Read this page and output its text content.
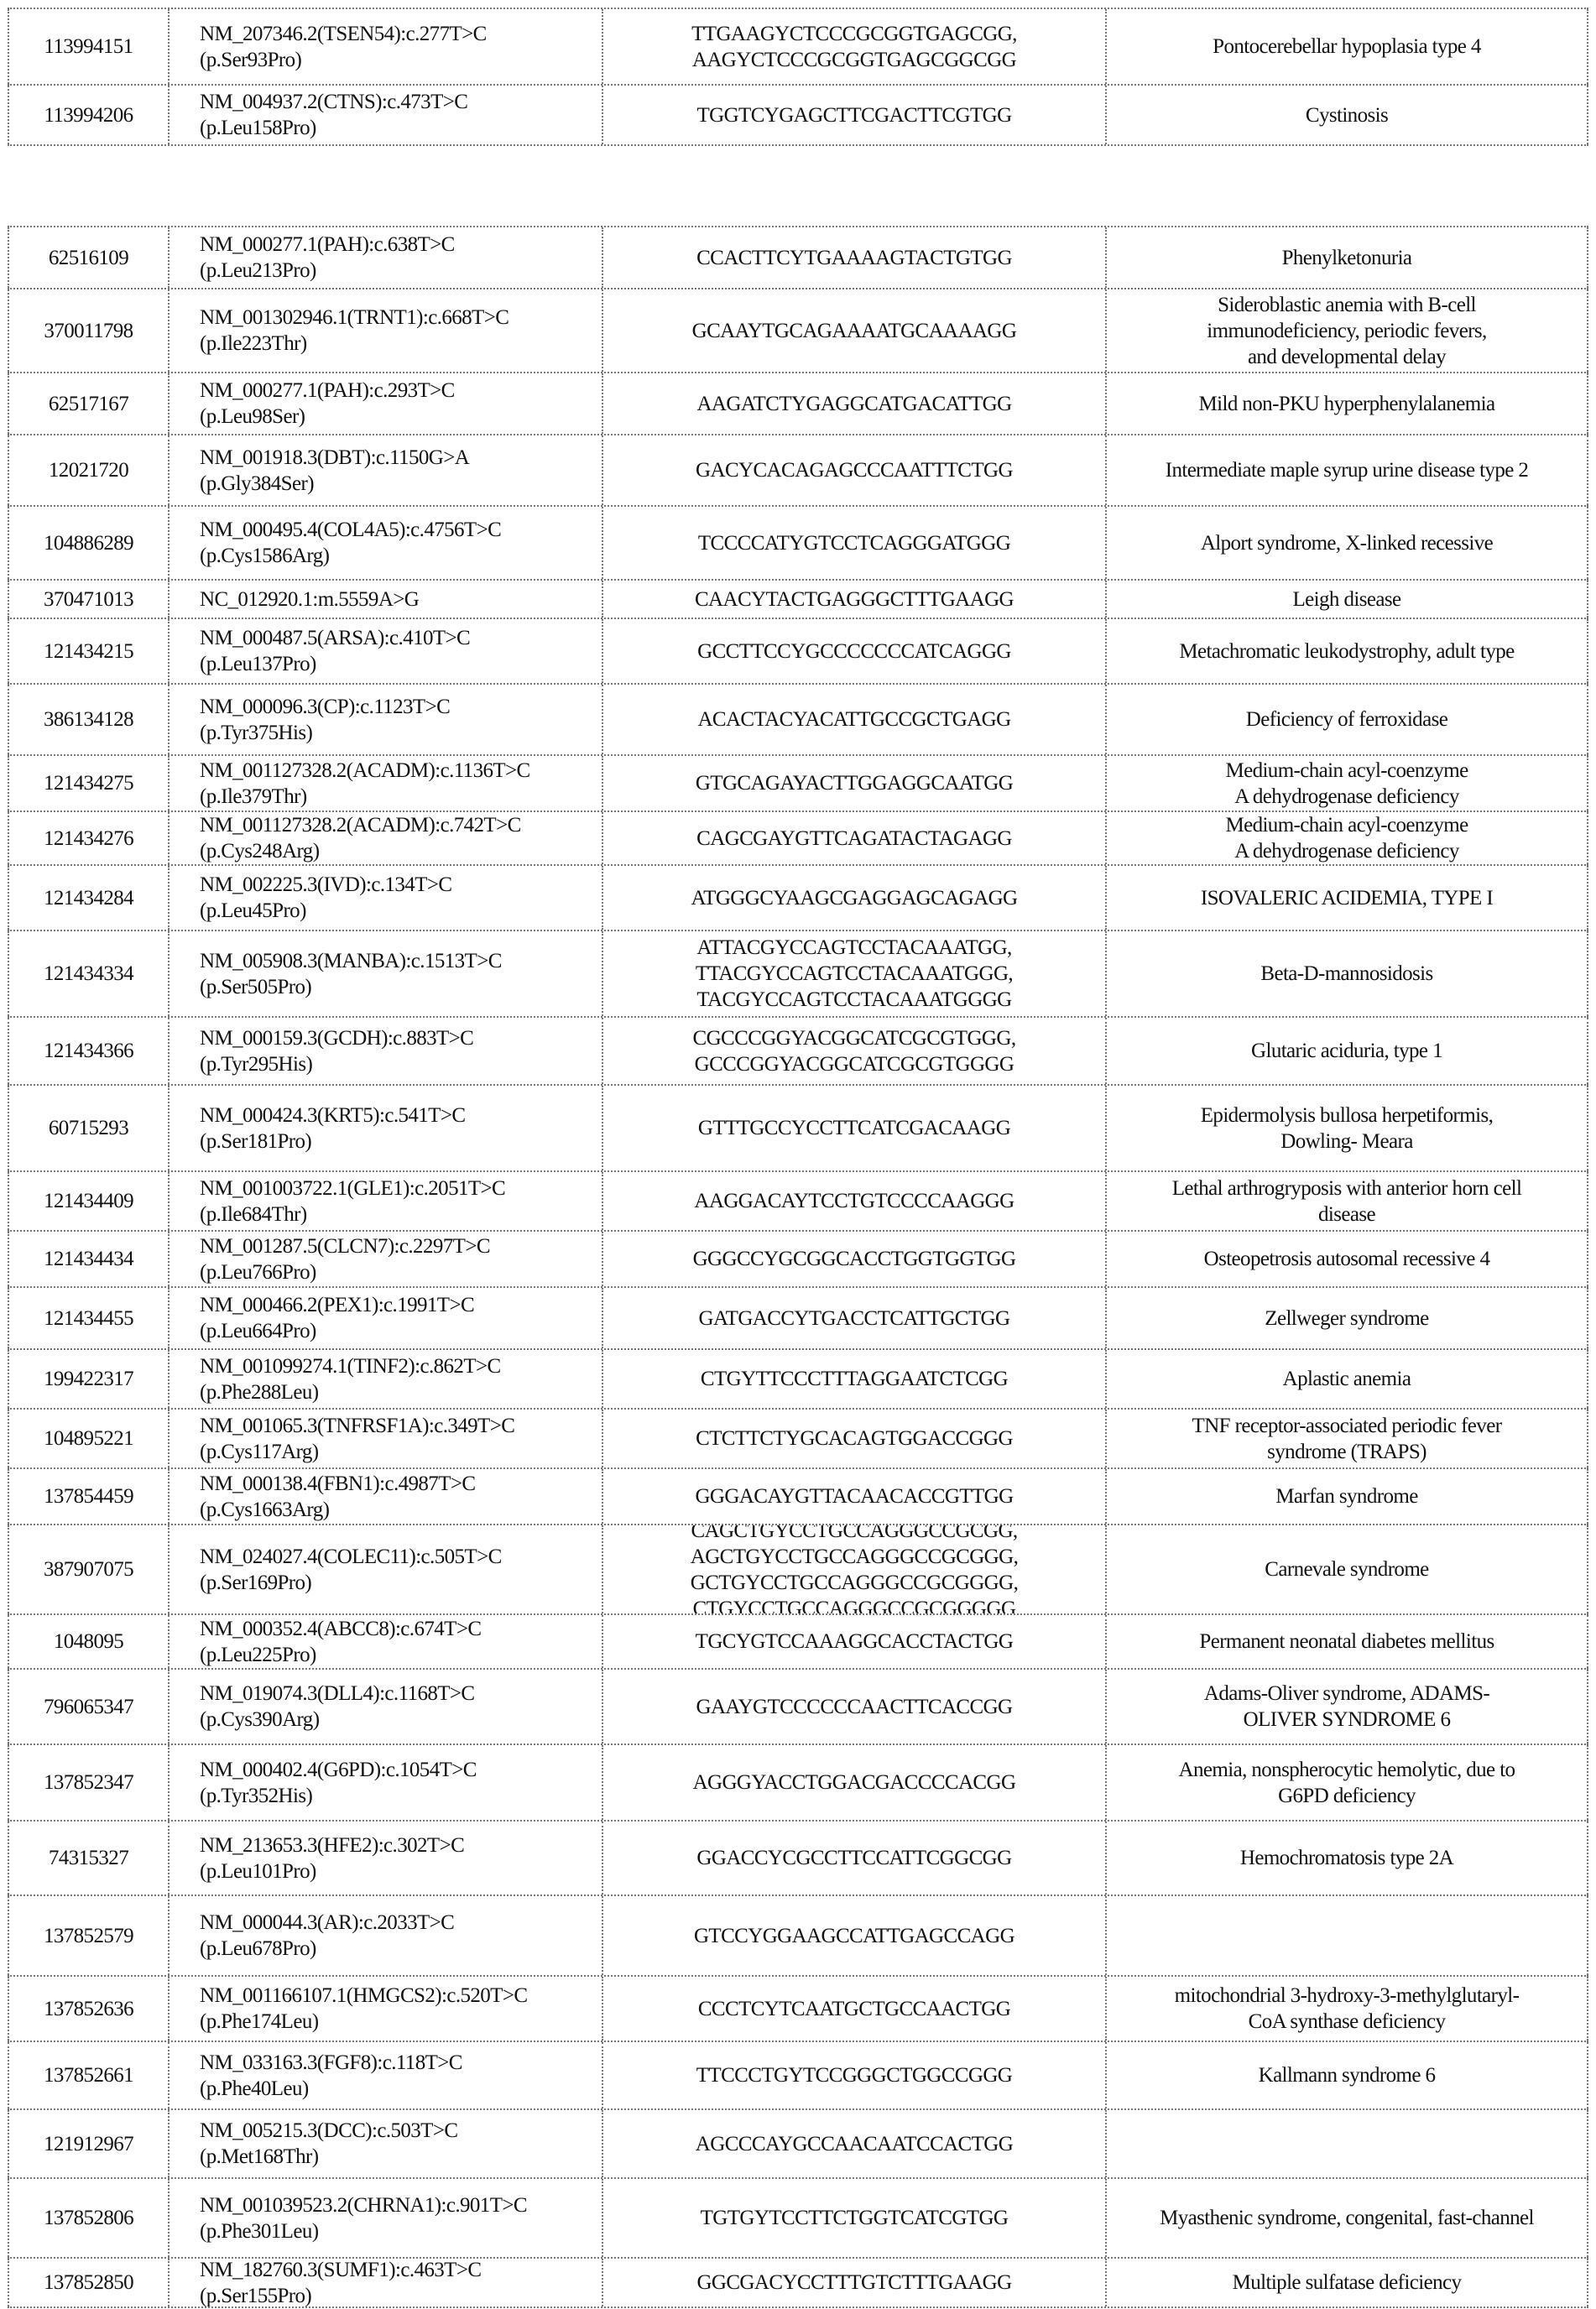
113994151
NM_207346.2(TSEN54):c.277T>C
(p.Ser93Pro)
TTGAAGYCTCCCGCGGTGAGCGG,
AAGYCTCCCGCGGTGAGCGGCGG
Pontocerebellar hypoplasia type 4
113994206
NM_004937.2(CTNS):c.473T>C
(p.Leu158Pro)
TGGTCYGAGCTTCGACTTCGTGG	Cystinosis
62516109
NM_000277.1(PAH):c.638T>C
(p.Leu213Pro)
CCACTTCYTGAAAAGTACTGTGG	Phenylketonuria
370011798
NM_001302946.1(TRNT1):c.668T>C
(p.Ile223Thr)
GCAAYTGCAGAAAATGCAAAAGG
Sideroblastic anemia with B-cell
immunodeficiency, periodic fevers,
and developmental delay
62517167
NM_000277.1(PAH):c.293T>C
(p.Leu98Ser)
AAGATCTYGAGGCATGACATTGG	Mild non-PKU hyperphenylalanemia
12021720
NM_001918.3(DBT):c.1150G>A
(p.Gly384Ser)
GACYCACAGAGCCCAATTTCTGG	Intermediate maple syrup urine disease type 2
104886289
NM_000495.4(COL4A5):c.4756T>C
(p.Cys1586Arg)
TCCCCATYGTCCTCAGGGATGGG	Alport syndrome, X-linked recessive
370471013	NC_012920.1:m.5559A>G	CAACYTACTGAGGGCTTTGAAGG	Leigh disease
121434215
NM_000487.5(ARSA):c.410T>C
(p.Leu137Pro)
GCCTTCCYGCCCCCCCATCAGGG	Metachromatic leukodystrophy, adult type
386134128
NM_000096.3(CP):c.1123T>C
(p.Tyr375His)
ACACTACYACATTGCCGCTGAGG	Deficiency of ferroxidase
121434275
NM_001127328.2(ACADM):c.1136T>C
(p.Ile379Thr)
GTGCAGAYACTTGGAGGCAATGG
Medium-chain acyl-coenzyme
A dehydrogenase deficiency
121434276
NM_001127328.2(ACADM):c.742T>C
(p.Cys248Arg)
CAGCGAYGTTCAGATACTAGAGG
Medium-chain acyl-coenzyme
A dehydrogenase deficiency
121434284
NM_002225.3(IVD):c.134T>C
(p.Leu45Pro)
ATGGGCYAAGCGAGGAGCAGAGG	ISOVALERIC ACIDEMIA, TYPE I
121434334
NM_005908.3(MANBA):c.1513T>C
(p.Ser505Pro)
ATTACGYCCAGTCCTACAAATGG,
TTACGYCCAGTCCTACAAATGGG,
TACGYCCAGTCCTACAAATGGGG
Beta-D-mannosidosis
121434366
NM_000159.3(GCDH):c.883T>C
(p.Tyr295His)
CGCCCGGYACGGCATCGCGTGGG,
GCCCGGYACGGCATCGCGTGGGG
Glutaric aciduria, type 1
60715293
NM_000424.3(KRT5):c.541T>C
(p.Ser181Pro)
GTTTGCCYCCTTCATCGACAAGG
Epidermolysis bullosa herpetiformis,
Dowling- Meara
121434409
NM_001003722.1(GLE1):c.2051T>C
(p.Ile684Thr)
AAGGACAYTCCTGTCCCCAAGGG
Lethal arthrogryposis with anterior horn cell
disease
121434434
NM_001287.5(CLCN7):c.2297T>C
(p.Leu766Pro)
GGGCCYGCGGCACCTGGTGGTGG	Osteopetrosis autosomal recessive 4
121434455
NM_000466.2(PEX1):c.1991T>C
(p.Leu664Pro)
GATGACCYTGACCTCATTGCTGG	Zellweger syndrome
199422317
NM_001099274.1(TINF2):c.862T>C
(p.Phe288Leu)
CTGYTTCCCTTTAGGAATCTCGG	Aplastic anemia
104895221
NM_001065.3(TNFRSF1A):c.349T>C
(p.Cys117Arg)
CTCTTCTYGCACAGTGGACCGGG
TNF receptor-associated periodic fever
syndrome (TRAPS)
137854459
NM_000138.4(FBN1):c.4987T>C
(p.Cys1663Arg)
GGGACAYGTTACAACACCGTTGG	Marfan syndrome
387907075
NM_024027.4(COLEC11):c.505T>C
(p.Ser169Pro)
CAGCTGYCCTGCCAGGGCCGCGG,
AGCTGYCCTGCCAGGGCCGCGGG,
GCTGYCCTGCCAGGGCCGCGGGG,
CTGYCCTGCCAGGGCCGCGGGGG
Carnevale syndrome
1048095
NM_000352.4(ABCC8):c.674T>C
(p.Leu225Pro)
TGCYGTCCAAAGGCACCTACTGG	Permanent neonatal diabetes mellitus
796065347
NM_019074.3(DLL4):c.1168T>C
(p.Cys390Arg)
GAAYGTCCCCCCAACTTCACCGG
Adams-Oliver syndrome, ADAMS-
OLIVER SYNDROME 6
137852347
NM_000402.4(G6PD):c.1054T>C
(p.Tyr352His)
AGGGYACCTGGACGACCCCACGG
Anemia, nonspherocytic hemolytic, due to
G6PD deficiency
74315327
NM_213653.3(HFE2):c.302T>C
(p.Leu101Pro)
GGACCYCGCCTTCCATTCGGCGG	Hemochromatosis type 2A
137852579
NM_000044.3(AR):c.2033T>C
(p.Leu678Pro)
GTCCYGGAAGCCATTGAGCCAGG
137852636
NM_001166107.1(HMGCS2):c.520T>C
(p.Phe174Leu)
CCCTCYTCAATGCTGCCAACTGG
mitochondrial 3-hydroxy-3-methylglutaryl-
CoA synthase deficiency
137852661
NM_033163.3(FGF8):c.118T>C
(p.Phe40Leu)
TTCCCTGYTCCGGGCTGGCCGGG	Kallmann syndrome 6
121912967
NM_005215.3(DCC):c.503T>C
(p.Met168Thr)
AGCCCAYGCCAACAATCCACTGG
137852806
NM_001039523.2(CHRNA1):c.901T>C
(p.Phe301Leu)
TGTGYTCCTTCTGGTCATCGTGG	Myasthenic syndrome, congenital, fast-channel
137852850
NM_182760.3(SUMF1):c.463T>C
(p.Ser155Pro)
GGCGACYCCTTTGTCTTTGAAGG	Multiple sulfatase deficiency
